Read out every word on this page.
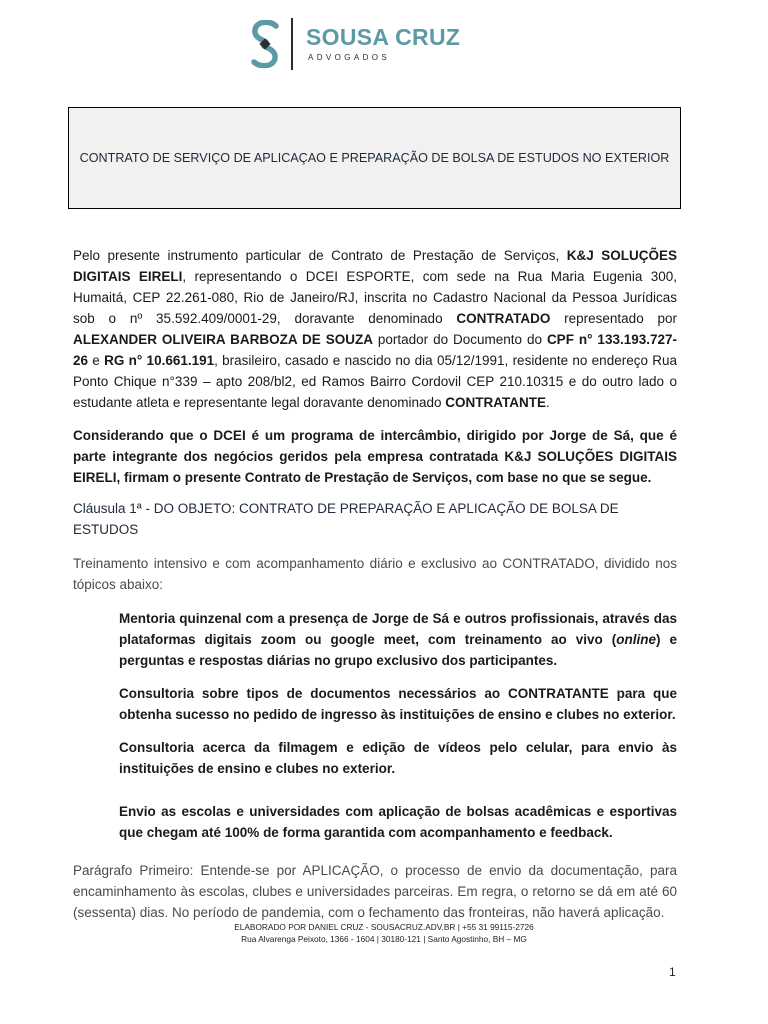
SOUSA CRUZ
ADVOGADOS
CONTRATO DE SERVIÇO DE APLICAÇAO E PREPARAÇÃO DE BOLSA DE ESTUDOS NO EXTERIOR

Pelo presente instrumento particular de Contrato de Prestação de Serviços, K&J SOLUÇÕES DIGITAIS EIRELI, representando o DCEI ESPORTE, com sede na Rua Maria Eugenia 300, Humaitá, CEP 22.261-080, Rio de Janeiro/RJ, inscrita no Cadastro Nacional da Pessoa Jurídicas sob o nº 35.592.409/0001-29, doravante denominado CONTRATADO representado por ALEXANDER OLIVEIRA BARBOZA DE SOUZA portador do Documento do CPF n° 133.193.727-26 e RG n° 10.661.191, brasileiro, casado e nascido no dia 05/12/1991, residente no endereço Rua Ponto Chique n°339 – apto 208/bl2, ed Ramos Bairro Cordovil CEP 210.10315 e do outro lado o estudante atleta e representante legal doravante denominado CONTRATANTE.

Considerando que o DCEI é um programa de intercâmbio, dirigido por Jorge de Sá, que é parte integrante dos negócios geridos pela empresa contratada K&J SOLUÇÕES DIGITAIS EIRELI, firmam o presente Contrato de Prestação de Serviços, com base no que se segue.

Cláusula 1ª - DO OBJETO: CONTRATO DE PREPARAÇÃO E APLICAÇÃO DE BOLSA DE ESTUDOS

Treinamento intensivo e com acompanhamento diário e exclusivo ao CONTRATADO, dividido nos tópicos abaixo:

Mentoria quinzenal com a presença de Jorge de Sá e outros profissionais, através das plataformas digitais zoom ou google meet, com treinamento ao vivo (online) e perguntas e respostas diárias no grupo exclusivo dos participantes.

Consultoria sobre tipos de documentos necessários ao CONTRATANTE para que obtenha sucesso no pedido de ingresso às instituições de ensino e clubes no exterior.

Consultoria acerca da filmagem e edição de vídeos pelo celular, para envio às instituições de ensino e clubes no exterior.

Envio as escolas e universidades com aplicação de bolsas acadêmicas e esportivas que chegam até 100% de forma garantida com acompanhamento e feedback.

Parágrafo Primeiro: Entende-se por APLICAÇÃO, o processo de envio da documentação, para encaminhamento às escolas, clubes e universidades parceiras. Em regra, o retorno se dá em até 60 (sessenta) dias. No período de pandemia, com o fechamento das fronteiras, não haverá aplicação.

ELABORADO POR DANIEL CRUZ - SOUSACRUZ.ADV.BR | +55 31 99115-2726
Rua Alvarenga Peixoto, 1366 - 1604 | 30180-121 | Santo Agostinho, BH – MG
1
